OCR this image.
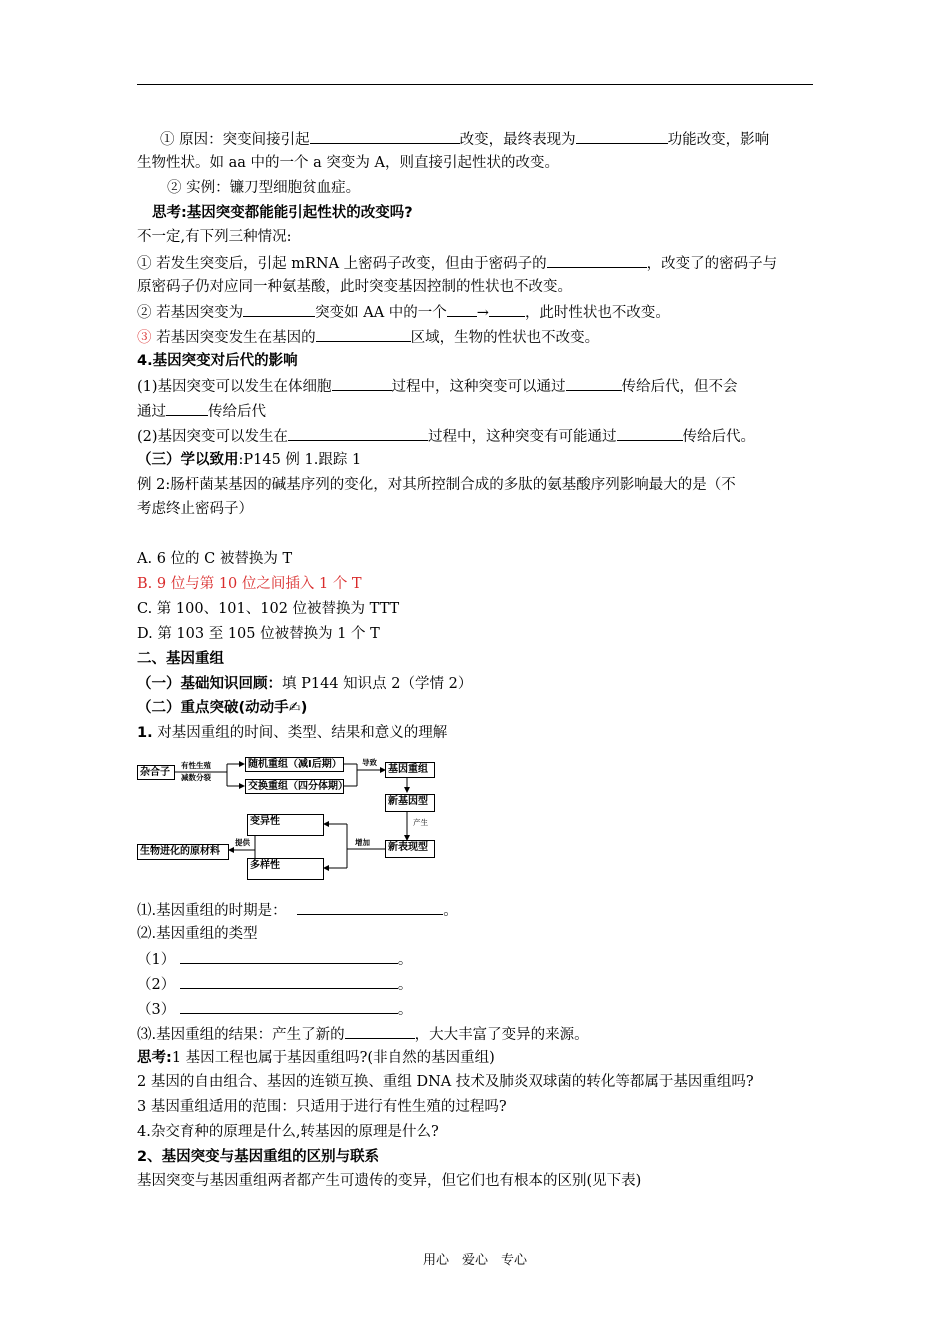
① 原因：突变间接引起	改变，最终表现为	功能改变，影响
生物性状。如 aa 中的一个 a 突变为 A，则直接引起性状的改变。
② 实例：镰刀型细胞贫血症。
思考:基因突变都能能引起性状的改变吗?
不一定,有下列三种情况:
① 若发生突变后，引起 mRNA 上密码子改变，但由于密码子的	，改变了的密码子与
原密码子仍对应同一种氨基酸，此时突变基因控制的性状也不改变。
② 若基因突变为	突变如 AA 中的一个 → ，此时性状也不改变。
③ 若基因突变发生在基因的	区域，生物的性状也不改变。
4.基因突变对后代的影响
(1)基因突变可以发生在体细胞	过程中，这种突变可以通过	传给后代，但不会
通过	传给后代
(2)基因突变可以发生在	过程中，这种突变有可能通过	传给后代。
（三）学以致用:P145 例 1.跟踪 1
例 2:肠杆菌某基因的碱基序列的变化，对其所控制合成的多肽的氨基酸序列影响最大的是（不
考虑终止密码子）
A. 6 位的 C 被替换为 T
B. 9 位与第 10 位之间插入 1 个 T
C. 第 100、101、102 位被替换为 TTT
D. 第 103 至 105 位被替换为 1 个 T
二、基因重组
（一）基础知识回顾：填 P144 知识点 2（学情 2）
（二）重点突破(动动手✍)
1. 对基因重组的时间、类型、结果和意义的理解
杂合子
有性生殖
减数分裂
随机重组（减Ⅰ后期）
交换重组（四分体期）
导致
基因重组
新基因型
产生
新表现型
增加
变异性
多样性
提供
生物进化的原材料
⑴.基因重组的时期是：	。
⑵.基因重组的类型
（1）	。
（2）	。
（3）	。
⑶.基因重组的结果：产生了新的	，大大丰富了变异的来源。
思考:1 基因工程也属于基因重组吗?(非自然的基因重组)
2 基因的自由组合、基因的连锁互换、重组 DNA 技术及肺炎双球菌的转化等都属于基因重组吗?
3 基因重组适用的范围：只适用于进行有性生殖的过程吗?
4.杂交育种的原理是什么,转基因的原理是什么?
2、基因突变与基因重组的区别与联系
基因突变与基因重组两者都产生可遗传的变异，但它们也有根本的区别(见下表)
用心　爱心　专心
